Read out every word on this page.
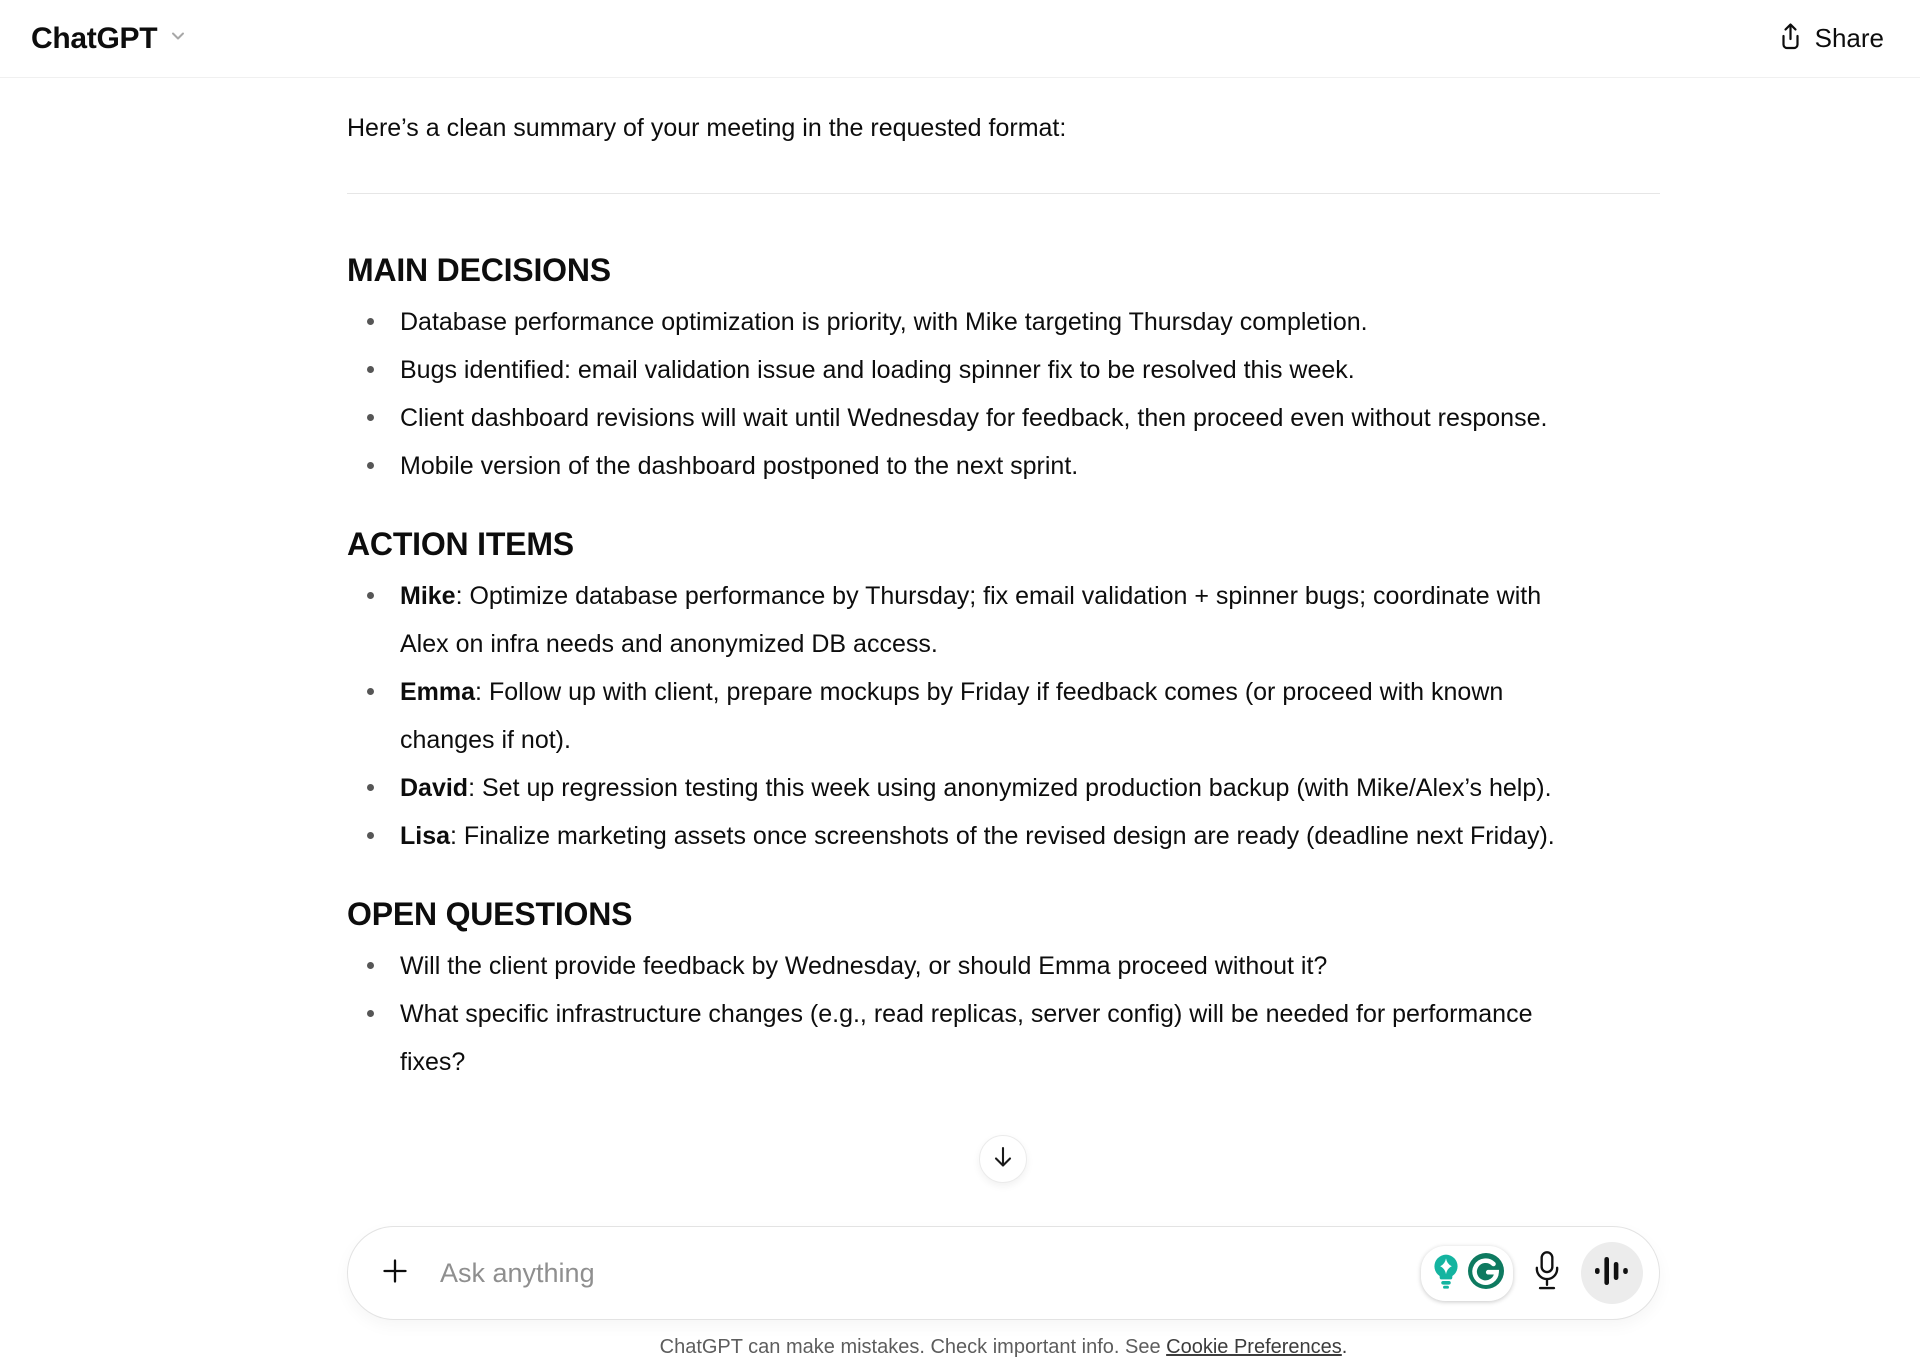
ChatGPT	Share

Here’s a clean summary of your meeting in the requested format:

MAIN DECISIONS
Database performance optimization is priority, with Mike targeting Thursday completion.
Bugs identified: email validation issue and loading spinner fix to be resolved this week.
Client dashboard revisions will wait until Wednesday for feedback, then proceed even without response.
Mobile version of the dashboard postponed to the next sprint.
ACTION ITEMS
Mike: Optimize database performance by Thursday; fix email validation + spinner bugs; coordinate with Alex on infra needs and anonymized DB access.
Emma: Follow up with client, prepare mockups by Friday if feedback comes (or proceed with known changes if not).
David: Set up regression testing this week using anonymized production backup (with Mike/Alex’s help).
Lisa: Finalize marketing assets once screenshots of the revised design are ready (deadline next Friday).
OPEN QUESTIONS
Will the client provide feedback by Wednesday, or should Emma proceed without it?
What specific infrastructure changes (e.g., read replicas, server config) will be needed for performance fixes?
Ask anything
ChatGPT can make mistakes. Check important info. See Cookie Preferences.
